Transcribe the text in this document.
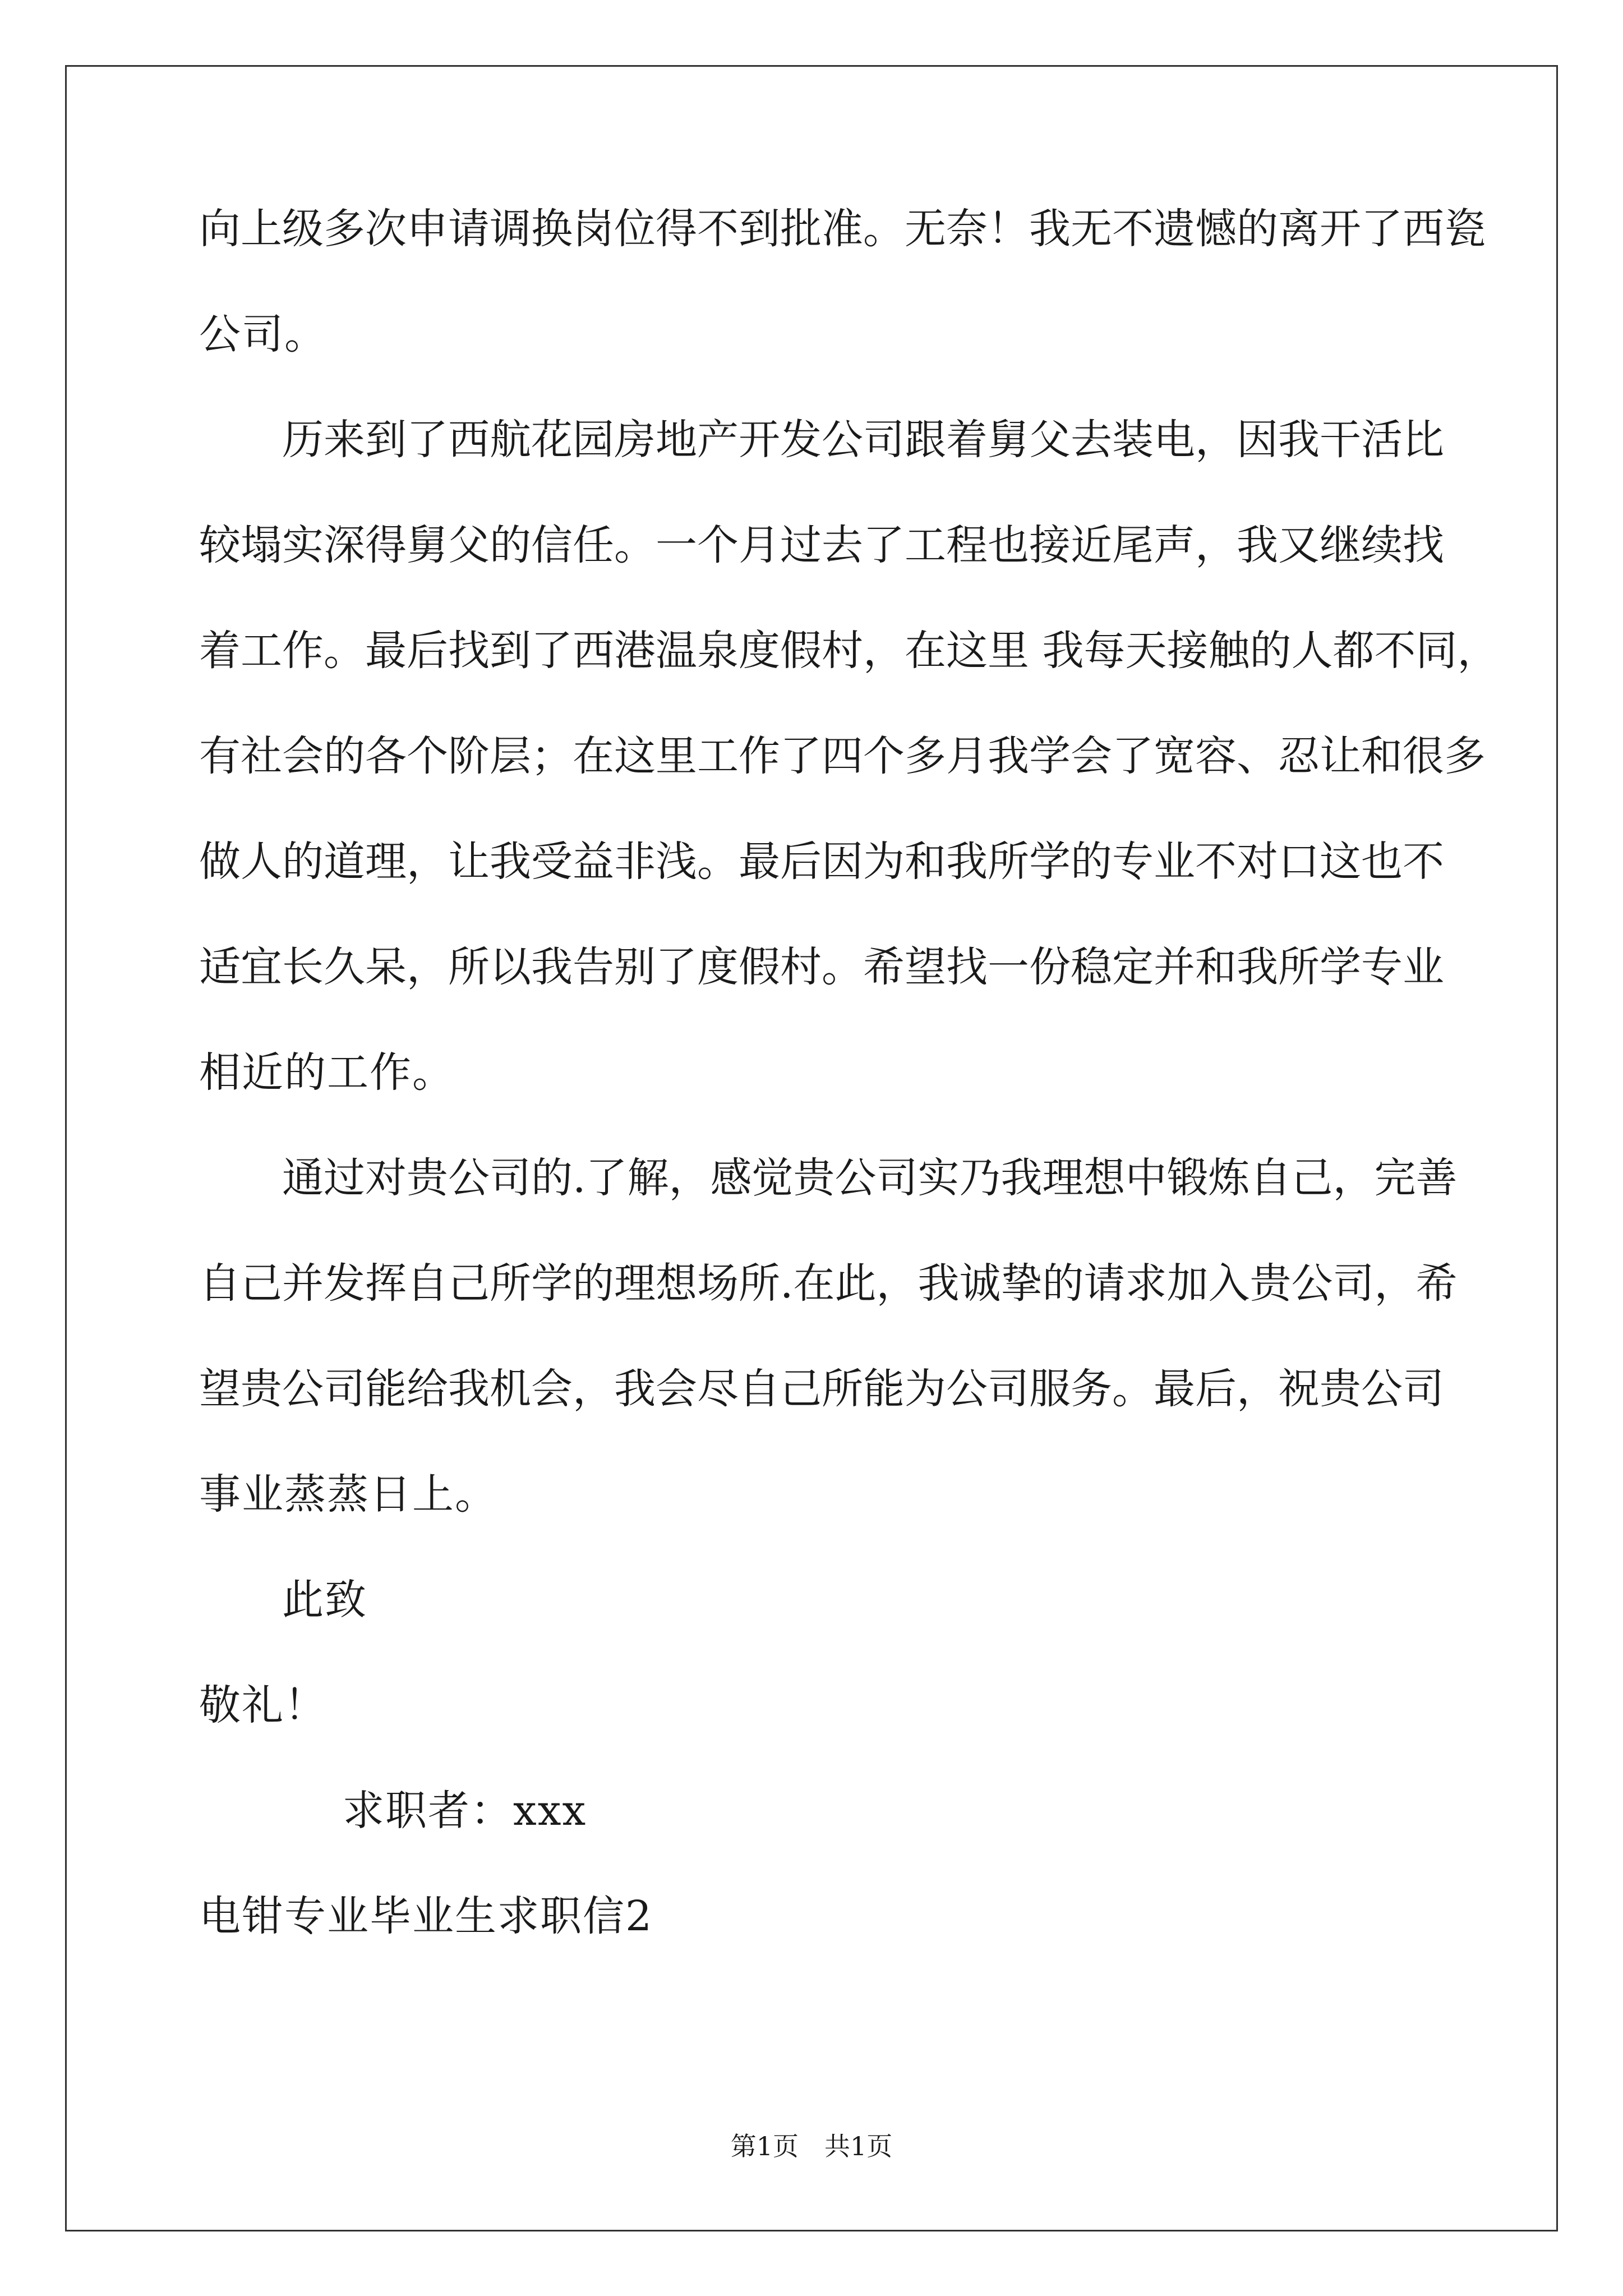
向上级多次申请调换岗位得不到批准。无奈！我无不遗憾的离开了西瓷
公司。
历来到了西航花园房地产开发公司跟着舅父去装电，因我干活比
较塌实深得舅父的信任。一个月过去了工程也接近尾声，我又继续找
着工作。最后找到了西港温泉度假村，在这里 我每天接触的人都不同，
有社会的各个阶层；在这里工作了四个多月我学会了宽容、忍让和很多
做人的道理，让我受益非浅。最后因为和我所学的专业不对口这也不
适宜长久呆，所以我告别了度假村。希望找一份稳定并和我所学专业
相近的工作。
通过对贵公司的.了解，感觉贵公司实乃我理想中锻炼自己，完善
自己并发挥自己所学的理想场所.在此，我诚挚的请求加入贵公司，希
望贵公司能给我机会，我会尽自己所能为公司服务。最后，祝贵公司
事业蒸蒸日上。
此致
敬礼！
求职者：xxx
电钳专业毕业生求职信2
第1页　共1页
